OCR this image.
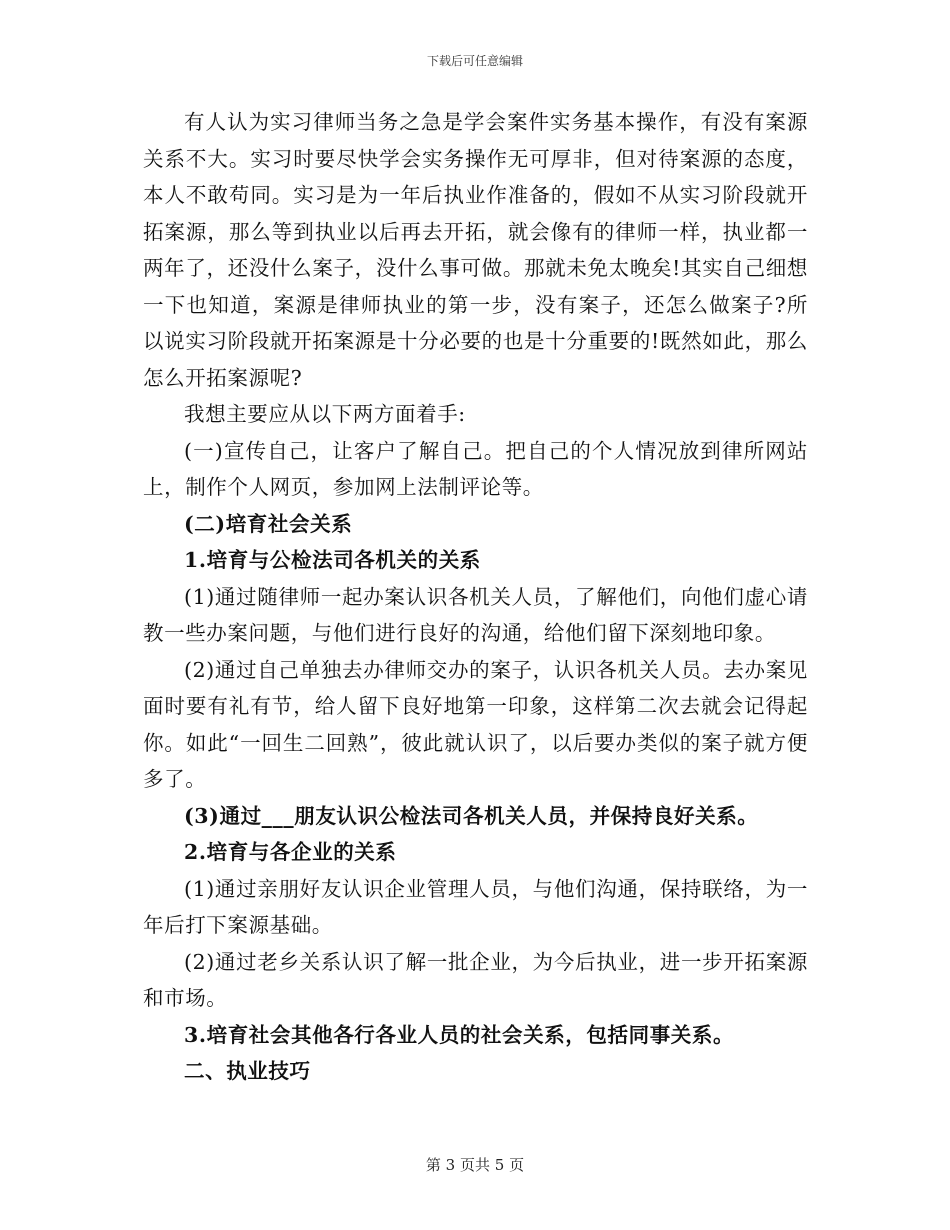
下载后可任意编辑

有人认为实习律师当务之急是学会案件实务基本操作，有没有案源关系不大。实习时要尽快学会实务操作无可厚非，但对待案源的态度，本人不敢苟同。实习是为一年后执业作准备的，假如不从实习阶段就开拓案源，那么等到执业以后再去开拓，就会像有的律师一样，执业都一两年了，还没什么案子，没什么事可做。那就未免太晚矣!其实自己细想一下也知道，案源是律师执业的第一步，没有案子，还怎么做案子?所以说实习阶段就开拓案源是十分必要的也是十分重要的!既然如此，那么怎么开拓案源呢?

我想主要应从以下两方面着手:

(一)宣传自己，让客户了解自己。把自己的个人情况放到律所网站上，制作个人网页，参加网上法制评论等。

(二)培育社会关系

1.培育与公检法司各机关的关系

(1)通过随律师一起办案认识各机关人员，了解他们，向他们虚心请教一些办案问题，与他们进行良好的沟通，给他们留下深刻地印象。

(2)通过自己单独去办律师交办的案子，认识各机关人员。去办案见面时要有礼有节，给人留下良好地第一印象，这样第二次去就会记得起你。如此“一回生二回熟”，彼此就认识了，以后要办类似的案子就方便多了。

(3)通过___朋友认识公检法司各机关人员，并保持良好关系。

2.培育与各企业的关系

(1)通过亲朋好友认识企业管理人员，与他们沟通，保持联络，为一年后打下案源基础。

(2)通过老乡关系认识了解一批企业，为今后执业，进一步开拓案源和市场。

3.培育社会其他各行各业人员的社会关系，包括同事关系。

二、执业技巧

第 3 页共 5 页
